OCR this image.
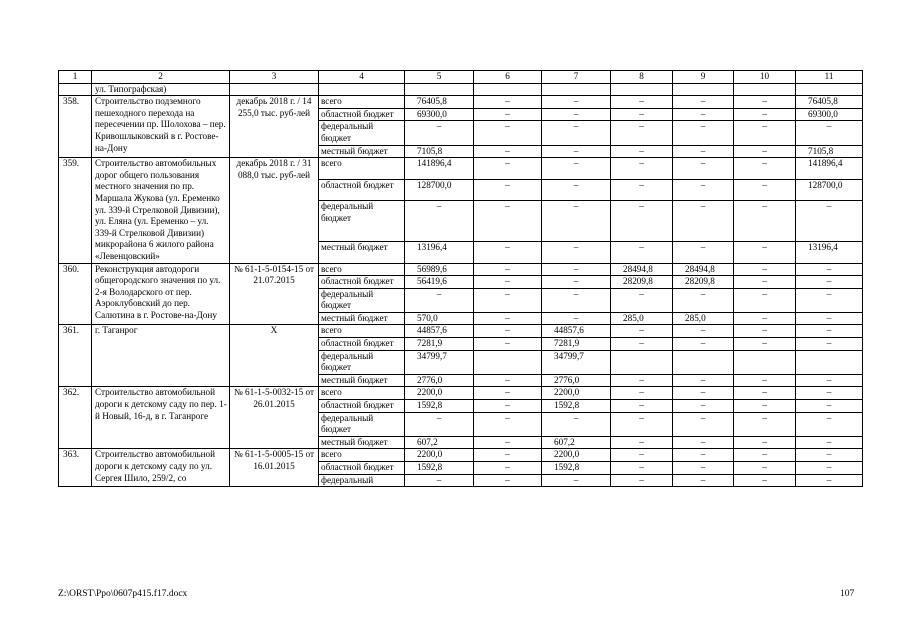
1	2	3	4	5	6	7	8	9	10	11
	ул. Типографская)									
358.	Строительство подземного пешеходного перехода на пересечении пр. Шолохова – пер. Кривошлыковский в г. Ростове-на-Дону	декабрь 2018 г. / 14 255,0 тыс. руб-лей	всего	76405,8	–	–	–	–	–	76405,8
			областной бюджет	69300,0	–	–	–	–	–	69300,0
			федеральный бюджет	–	–	–	–	–	–	–
			местный бюджет	7105,8	–	–	–	–	–	7105,8
359.	Строительство автомобильных дорог общего пользования местного значения по пр. Маршала Жукова (ул. Еременко ул. 339-й Стрелковой Дивизии), ул. Еляна (ул. Еременко – ул. 339-й Стрелковой Дивизии) микрорайона 6 жилого района «Левенцовский»	декабрь 2018 г. / 31 088,0 тыс. руб-лей	всего	141896,4	–	–	–	–	–	141896,4
			областной бюджет	128700,0	–	–	–	–	–	128700,0
			федеральный бюджет	–	–	–	–	–	–	–
			местный бюджет	13196,4	–	–	–	–	–	13196,4
360.	Реконструкция автодороги общегородского значения по ул. 2-я Володарского от пер. Аэроклубовский до пер. Салютина в г. Ростове-на-Дону	№ 61-1-5-0154-15 от 21.07.2015	всего	56989,6	–	–	28494,8	28494,8	–	–
			областной бюджет	56419,6	–	–	28209,8	28209,8	–	–
			федеральный бюджет	–	–	–	–	–	–	–
			местный бюджет	570,0	–	–	285,0	285,0	–	–
361.	г. Таганрог	Х	всего	44857,6	–	44857,6	–	–	–	–
			областной бюджет	7281,9	–	7281,9	–	–	–	–
			федеральный бюджет	34799,7		34799,7				
			местный бюджет	2776,0	–	2776,0	–	–	–	–
362.	Строительство автомобильной дороги к детскому саду по пер. 1-й Новый, 16-д, в г. Таганроге	№ 61-1-5-0032-15 от 26.01.2015	всего	2200,0	–	2200,0	–	–	–	–
			областной бюджет	1592,8	–	1592,8	–	–	–	–
			федеральный бюджет	–	–	–	–	–	–	–
			местный бюджет	607,2	–	607,2	–	–	–	–
363.	Строительство автомобильной дороги к детскому саду по ул. Сергея Шило, 259/2, со	№ 61-1-5-0005-15 от 16.01.2015	всего	2200,0	–	2200,0	–	–	–	–
			областной бюджет	1592,8	–	1592,8	–	–	–	–
			федеральный	–	–	–	–	–	–	–
Z:\ORST\Ppo\0607p415.f17.docx	107
